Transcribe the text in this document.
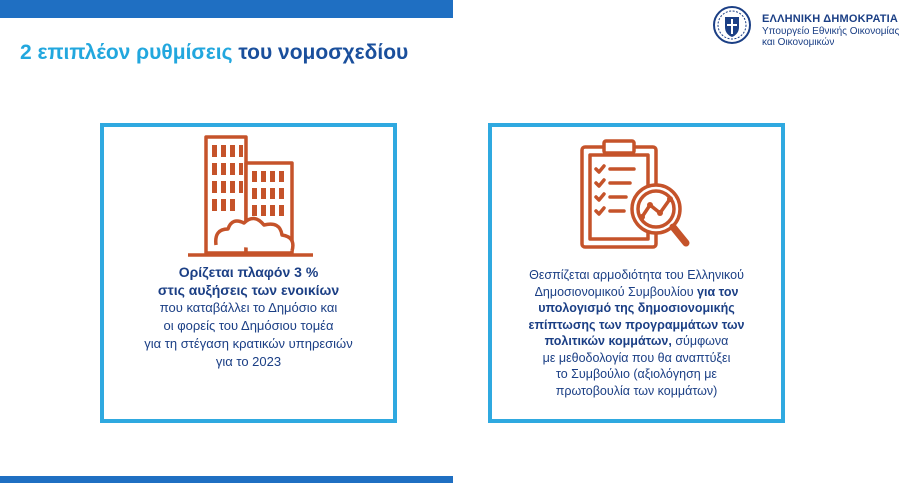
2 επιπλέον ρυθμίσεις του νομοσχεδίου
ΕΛΛΗΝΙΚΗ ΔΗΜΟΚΡΑΤΙΑ
Υπουργείο Εθνικής Οικονομίας
και Οικονομικών
Ορίζεται πλαφόν 3 %
στις αυξήσεις των ενοικίων
που καταβάλλει το Δημόσιο και
οι φορείς του Δημόσιου τομέα
για τη στέγαση κρατικών υπηρεσιών
για το 2023
Θεσπίζεται αρμοδιότητα του Ελληνικού
Δημοσιονομικού Συμβουλίου για τον
υπολογισμό της δημοσιονομικής
επίπτωσης των προγραμμάτων των
πολιτικών κομμάτων, σύμφωνα
με μεθοδολογία που θα αναπτύξει
το Συμβούλιο (αξιολόγηση με
πρωτοβουλία των κομμάτων)
